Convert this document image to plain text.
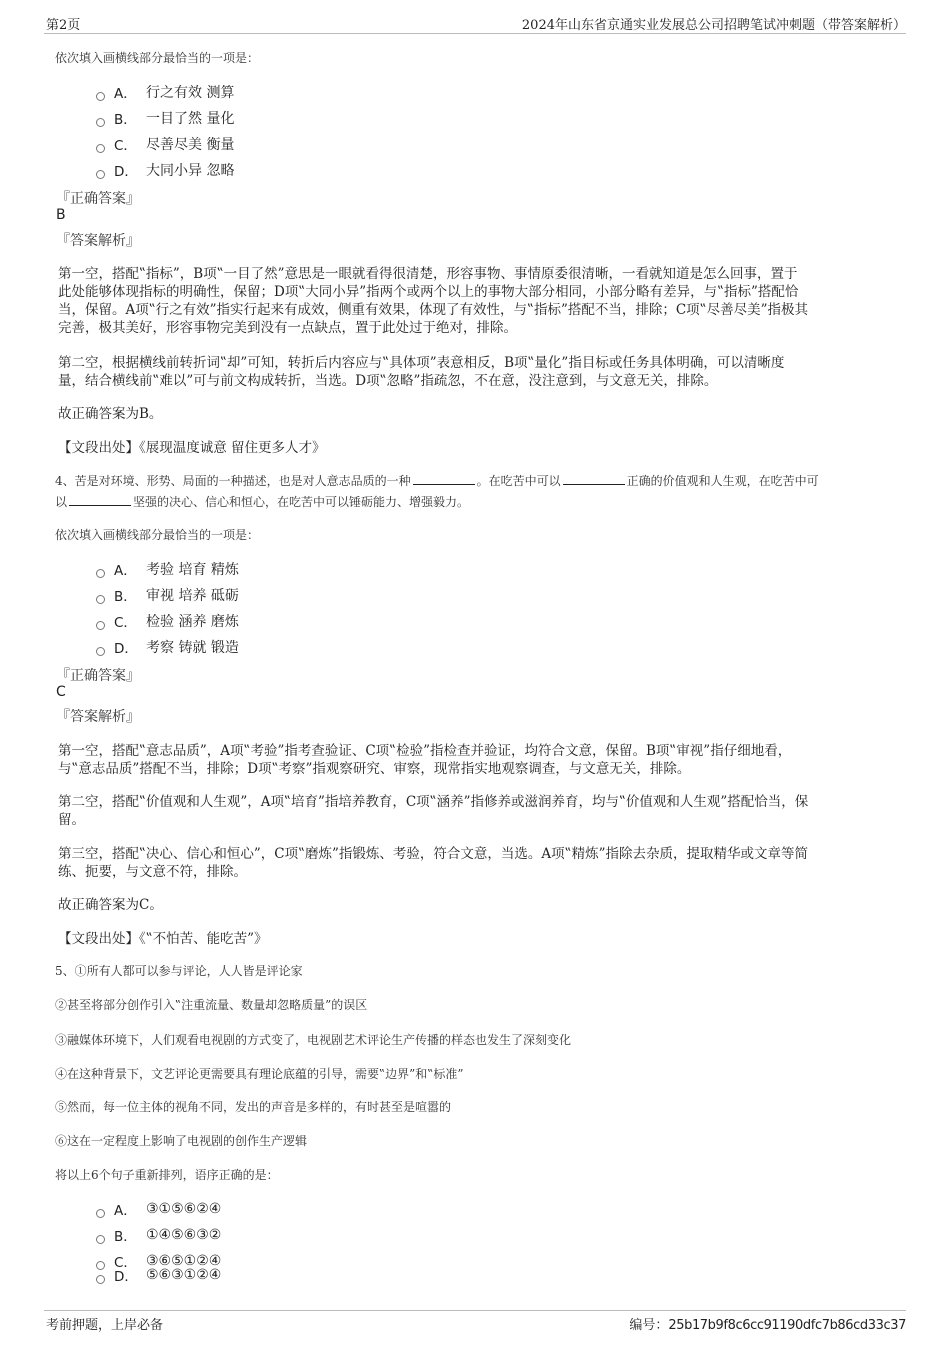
第2页	2024年山东省京通实业发展总公司招聘笔试冲刺题（带答案解析）
依次填入画横线部分最恰当的一项是：
A． 行之有效 测算
B． 一目了然 量化
C． 尽善尽美 衡量
D． 大同小异 忽略
『正确答案』
B
『答案解析』
第一空，搭配‟指标”，B项‟一目了然”意思是一眼就看得很清楚，形容事物、事情原委很清晰，一看就知道是怎么回事，置于
此处能够体现指标的明确性，保留；D项‟大同小异”指两个或两个以上的事物大部分相同，小部分略有差异，与‟指标”搭配恰
当，保留。A项‟行之有效”指实行起来有成效，侧重有效果，体现了有效性，与‟指标”搭配不当，排除；C项‟尽善尽美”指极其
完善，极其美好，形容事物完美到没有一点缺点，置于此处过于绝对，排除。
第二空，根据横线前转折词‟却”可知，转折后内容应与‟具体项”表意相反，B项‟量化”指目标或任务具体明确，可以清晰度
量，结合横线前‟难以”可与前文构成转折，当选。D项‟忽略”指疏忽，不在意，没注意到，与文意无关，排除。
故正确答案为B。
【文段出处】《展现温度诚意 留住更多人才》
4、苦是对环境、形势、局面的一种描述，也是对人意志品质的一种	。在吃苦中可以	正确的价值观和人生观，在吃苦中可
以	坚强的决心、信心和恒心，在吃苦中可以锤砺能力、增强毅力。
依次填入画横线部分最恰当的一项是：
A． 考验 培育 精炼
B． 审视 培养 砥砺
C． 检验 涵养 磨炼
D． 考察 铸就 锻造
『正确答案』
C
『答案解析』
第一空，搭配‟意志品质”，A项‟考验”指考查验证、C项‟检验”指检查并验证，均符合文意，保留。B项‟审视”指仔细地看，
与‟意志品质”搭配不当，排除；D项‟考察”指观察研究、审察，现常指实地观察调查，与文意无关，排除。
第二空，搭配‟价值观和人生观”，A项‟培育”指培养教育，C项‟涵养”指修养或滋润养育，均与‟价值观和人生观”搭配恰当，保
留。
第三空，搭配‟决心、信心和恒心”，C项‟磨炼”指锻炼、考验，符合文意，当选。A项‟精炼”指除去杂质，提取精华或文章等简
练、扼要，与文意不符，排除。
故正确答案为C。
【文段出处】《‟不怕苦、能吃苦”》
5、①所有人都可以参与评论，人人皆是评论家
②甚至将部分创作引入‟注重流量、数量却忽略质量”的误区
③融媒体环境下，人们观看电视剧的方式变了，电视剧艺术评论生产传播的样态也发生了深刻变化
④在这种背景下，文艺评论更需要具有理论底蕴的引导，需要‟边界”和‟标准”
⑤然而，每一位主体的视角不同，发出的声音是多样的，有时甚至是喧嚣的
⑥这在一定程度上影响了电视剧的创作生产逻辑
将以上6个句子重新排列，语序正确的是：
A． ③①⑤⑥②④
B． ①④⑤⑥③②
C． ③⑥⑤①②④
D． ⑤⑥③①②④
考前押题，上岸必备	编号：25b17b9f8c6cc91190dfc7b86cd33c37
